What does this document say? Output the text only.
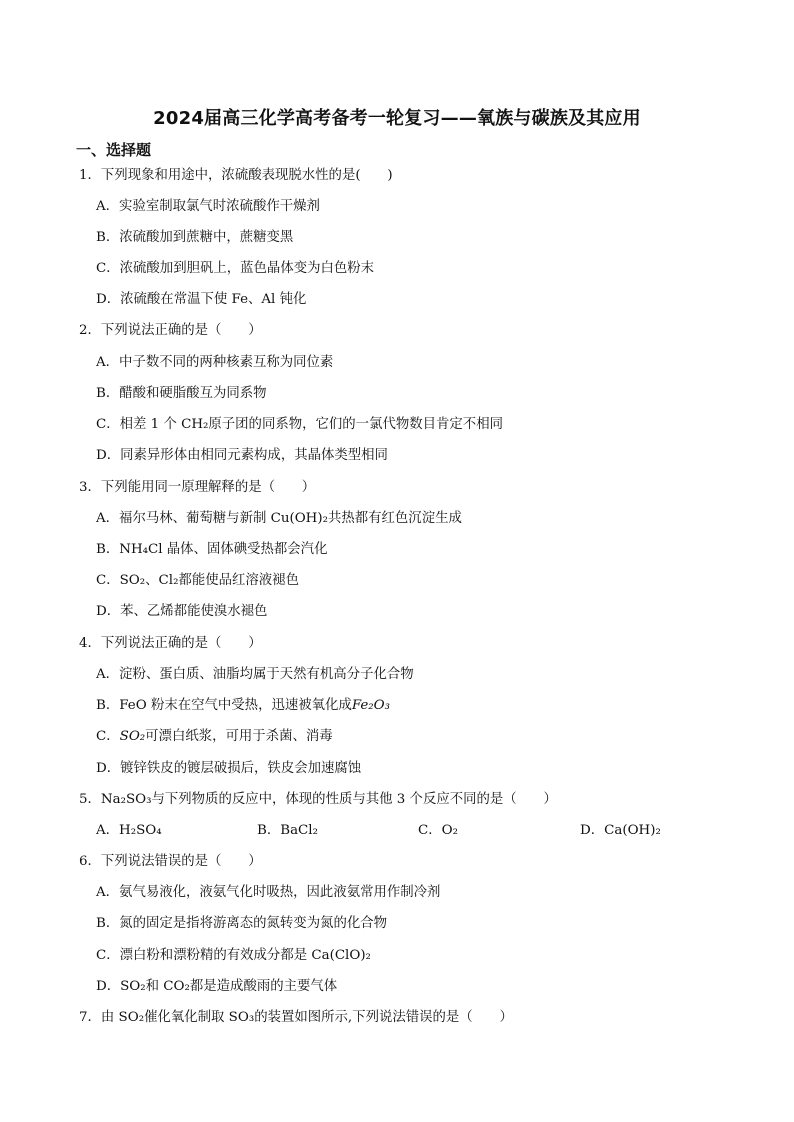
2024届高三化学高考备考一轮复习——氧族与碳族及其应用
一、选择题
1．下列现象和用途中，浓硫酸表现脱水性的是(　　)
A．实验室制取氯气时浓硫酸作干燥剂
B．浓硫酸加到蔗糖中，蔗糖变黑
C．浓硫酸加到胆矾上，蓝色晶体变为白色粉末
D．浓硫酸在常温下使 Fe、Al 钝化
2．下列说法正确的是（　　）
A．中子数不同的两种核素互称为同位素
B．醋酸和硬脂酸互为同系物
C．相差 1 个 CH₂原子团的同系物，它们的一氯代物数目肯定不相同
D．同素异形体由相同元素构成，其晶体类型相同
3．下列能用同一原理解释的是（　　）
A．福尔马林、葡萄糖与新制 Cu(OH)₂共热都有红色沉淀生成
B．NH₄Cl 晶体、固体碘受热都会汽化
C．SO₂、Cl₂都能使品红溶液褪色
D．苯、乙烯都能使溴水褪色
4．下列说法正确的是（　　）
A．淀粉、蛋白质、油脂均属于天然有机高分子化合物
B．FeO 粉末在空气中受热，迅速被氧化成Fe₂O₃
C．SO₂可漂白纸浆，可用于杀菌、消毒
D．镀锌铁皮的镀层破损后，铁皮会加速腐蚀
5．Na₂SO₃与下列物质的反应中，体现的性质与其他 3 个反应不同的是（　　）
A．H₂SO₄	B．BaCl₂	C．O₂	D．Ca(OH)₂
6．下列说法错误的是（　　）
A．氨气易液化，液氨气化时吸热，因此液氨常用作制冷剂
B．氮的固定是指将游离态的氮转变为氮的化合物
C．漂白粉和漂粉精的有效成分都是 Ca(ClO)₂
D．SO₂和 CO₂都是造成酸雨的主要气体
7．由 SO₂催化氧化制取 SO₃的装置如图所示,下列说法错误的是（　　）
